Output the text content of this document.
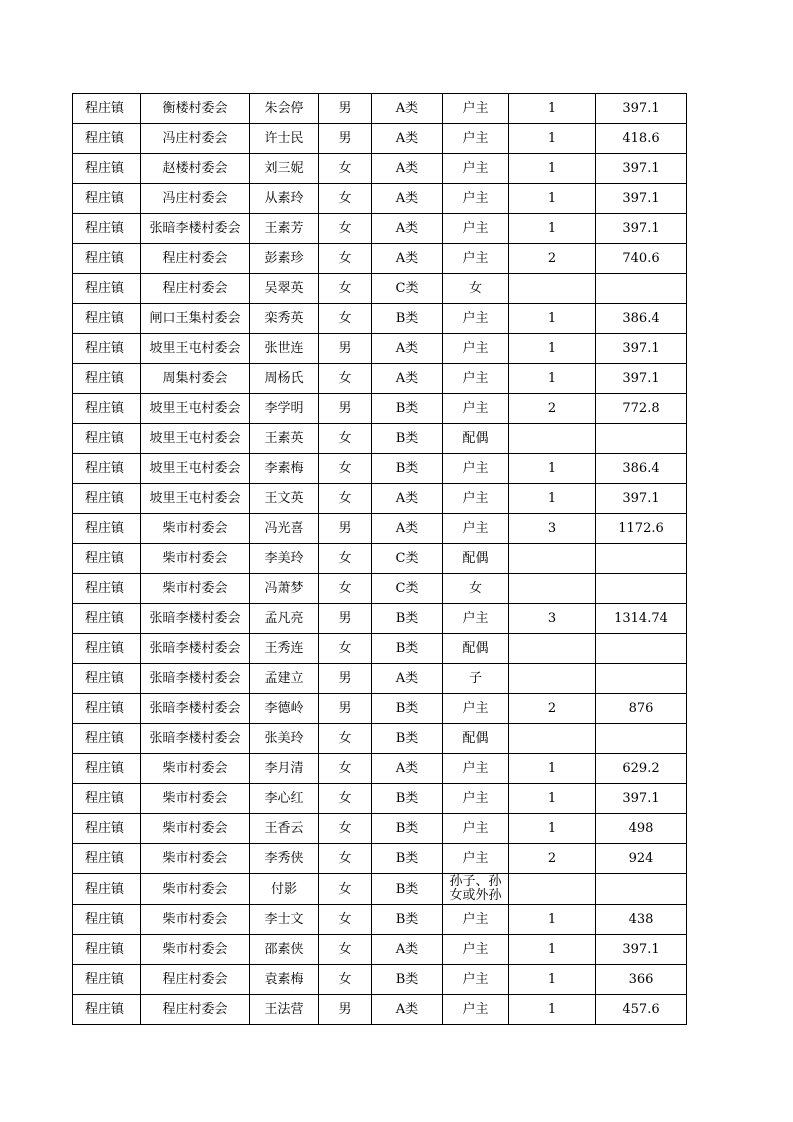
程庄镇	衡楼村委会	朱会停	男	A类	户主	1	397.1
程庄镇	冯庄村委会	许士民	男	A类	户主	1	418.6
程庄镇	赵楼村委会	刘三妮	女	A类	户主	1	397.1
程庄镇	冯庄村委会	从素玲	女	A类	户主	1	397.1
程庄镇	张暗李楼村委会	王素芳	女	A类	户主	1	397.1
程庄镇	程庄村委会	彭素珍	女	A类	户主	2	740.6
程庄镇	程庄村委会	吴翠英	女	C类	女		
程庄镇	闸口王集村委会	栾秀英	女	B类	户主	1	386.4
程庄镇	坡里王屯村委会	张世连	男	A类	户主	1	397.1
程庄镇	周集村委会	周杨氏	女	A类	户主	1	397.1
程庄镇	坡里王屯村委会	李学明	男	B类	户主	2	772.8
程庄镇	坡里王屯村委会	王素英	女	B类	配偶		
程庄镇	坡里王屯村委会	李素梅	女	B类	户主	1	386.4
程庄镇	坡里王屯村委会	王文英	女	A类	户主	1	397.1
程庄镇	柴市村委会	冯光喜	男	A类	户主	3	1172.6
程庄镇	柴市村委会	李美玲	女	C类	配偶		
程庄镇	柴市村委会	冯萧梦	女	C类	女		
程庄镇	张暗李楼村委会	孟凡亮	男	B类	户主	3	1314.74
程庄镇	张暗李楼村委会	王秀连	女	B类	配偶		
程庄镇	张暗李楼村委会	孟建立	男	A类	子		
程庄镇	张暗李楼村委会	李德岭	男	B类	户主	2	876
程庄镇	张暗李楼村委会	张美玲	女	B类	配偶		
程庄镇	柴市村委会	李月清	女	A类	户主	1	629.2
程庄镇	柴市村委会	李心红	女	B类	户主	1	397.1
程庄镇	柴市村委会	王香云	女	B类	户主	1	498
程庄镇	柴市村委会	李秀侠	女	B类	户主	2	924
程庄镇	柴市村委会	付影	女	B类	孙子、孙女或外孙		
程庄镇	柴市村委会	李士文	女	B类	户主	1	438
程庄镇	柴市村委会	邵素侠	女	A类	户主	1	397.1
程庄镇	程庄村委会	袁素梅	女	B类	户主	1	366
程庄镇	程庄村委会	王法营	男	A类	户主	1	457.6
